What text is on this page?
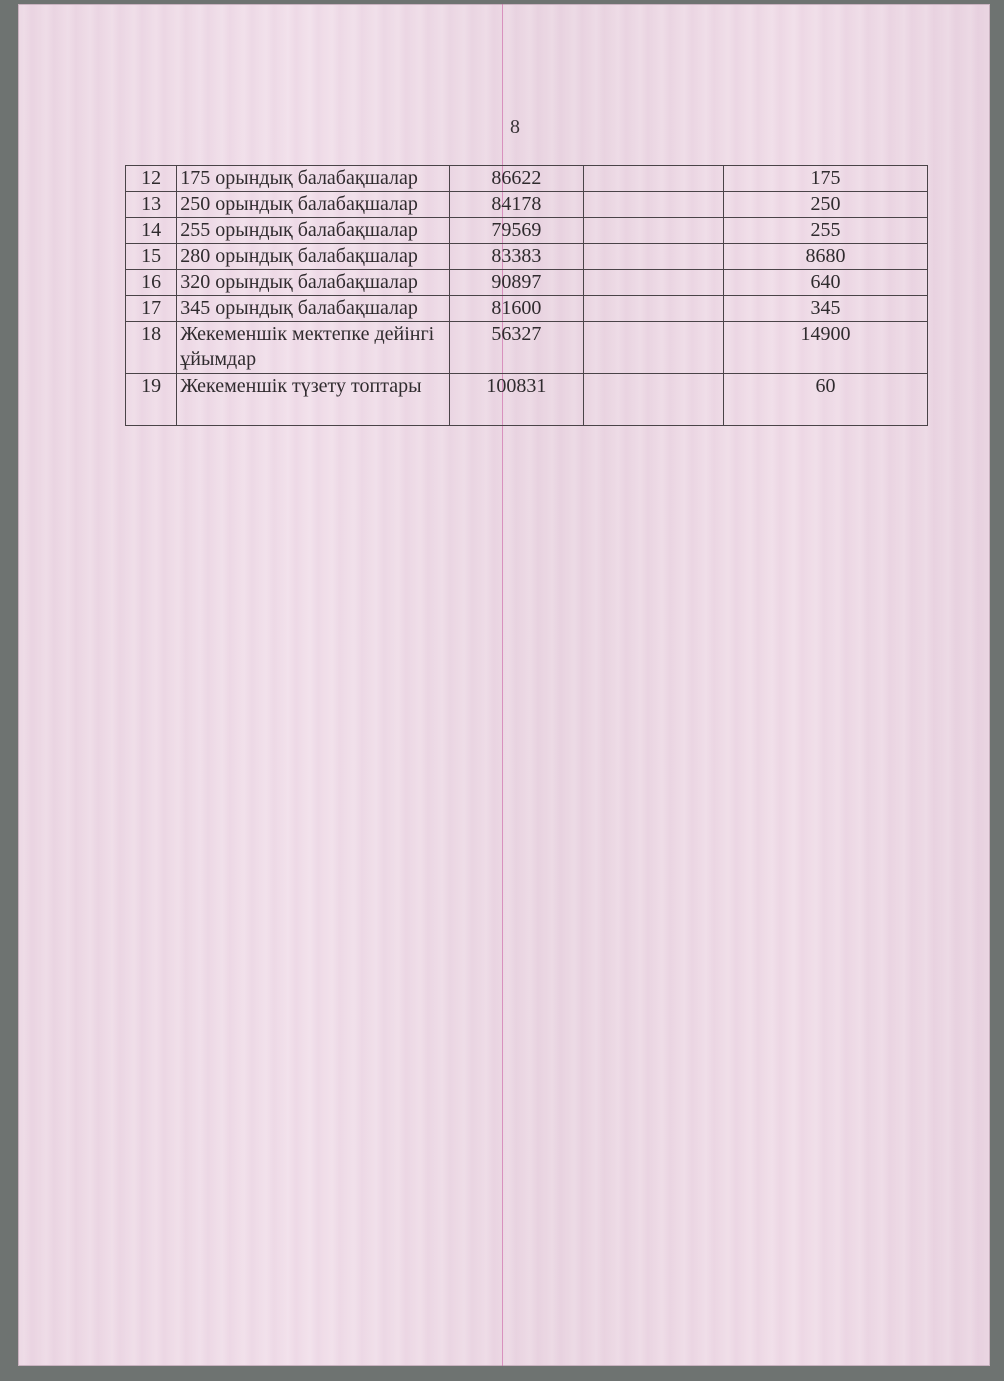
8
12	175 орындық балабақшалар	86622		175
13	250 орындық балабақшалар	84178		250
14	255 орындық балабақшалар	79569		255
15	280 орындық балабақшалар	83383		8680
16	320 орындық балабақшалар	90897		640
17	345 орындық балабақшалар	81600		345
18	Жекеменшік мектепке дейінгі ұйымдар	56327		14900
19	Жекеменшік түзету топтары	100831		60
